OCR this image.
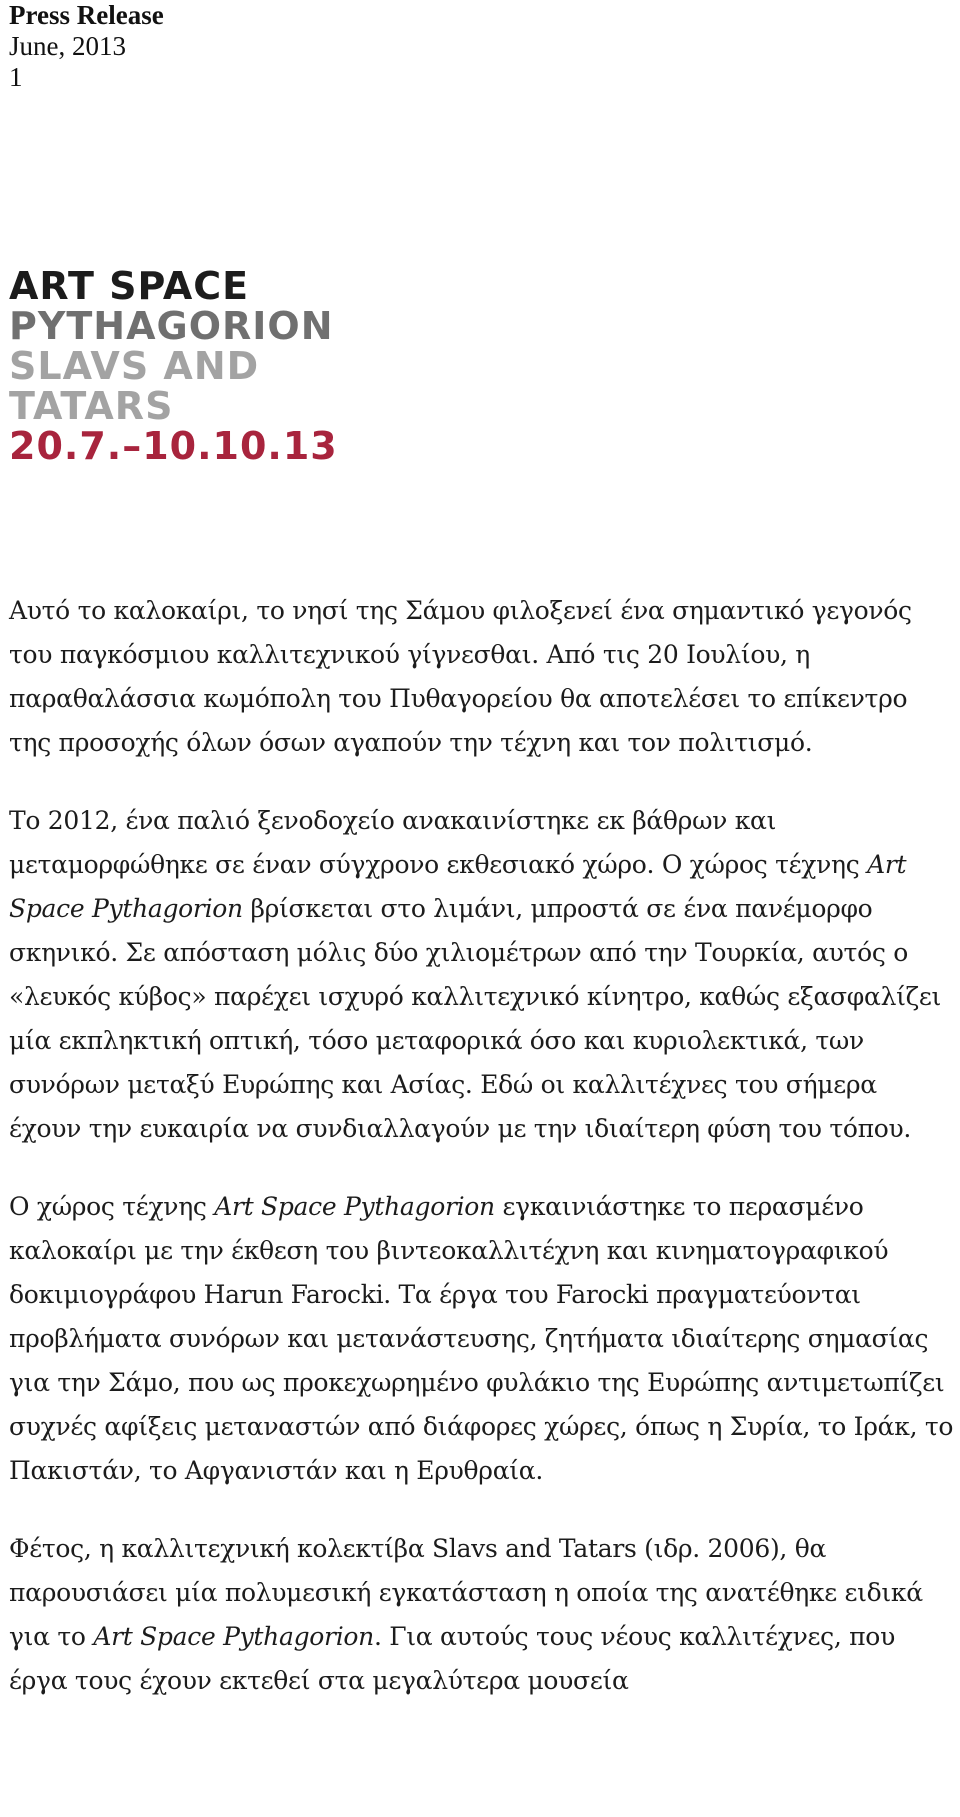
Press Release
June, 2013
1
ART SPACE
PYTHAGORION
SLAVS AND
TATARS
20.7.–10.10.13

Αυτό το καλοκαίρι, το νησί της Σάμου φιλοξενεί ένα σημαντικό γεγονός του παγκόσμιου καλλιτεχνικού γίγνεσθαι. Από τις 20 Ιουλίου, η παραθαλάσσια κωμόπολη του Πυθαγορείου θα αποτελέσει το επίκεντρο της προσοχής όλων όσων αγαπούν την τέχνη και τον πολιτισμό.

Το 2012, ένα παλιό ξενοδοχείο ανακαινίστηκε εκ βάθρων και μεταμορφώθηκε σε έναν σύγχρονο εκθεσιακό χώρο. Ο χώρος τέχνης Art Space Pythagorion βρίσκεται στο λιμάνι, μπροστά σε ένα πανέμορφο σκηνικό. Σε απόσταση μόλις δύο χιλιομέτρων από την Τουρκία, αυτός ο «λευκός κύβος» παρέχει ισχυρό καλλιτεχνικό κίνητρο, καθώς εξασφαλίζει μία εκπληκτική οπτική, τόσο μεταφορικά όσο και κυριολεκτικά, των συνόρων μεταξύ Ευρώπης και Ασίας. Εδώ οι καλλιτέχνες του σήμερα έχουν την ευκαιρία να συνδιαλλαγούν με την ιδιαίτερη φύση του τόπου.

Ο χώρος τέχνης Art Space Pythagorion εγκαινιάστηκε το περασμένο καλοκαίρι με την έκθεση του βιντεοκαλλιτέχνη και κινηματογραφικού δοκιμιογράφου Harun Farocki. Τα έργα του Farocki πραγματεύονται προβλήματα συνόρων και μετανάστευσης, ζητήματα ιδιαίτερης σημασίας για την Σάμο, που ως προκεχωρημένο φυλάκιο της Ευρώπης αντιμετωπίζει συχνές αφίξεις μεταναστών από διάφορες χώρες, όπως η Συρία, το Ιράκ, το Πακιστάν, το Αφγανιστάν και η Ερυθραία.

Φέτος, η καλλιτεχνική κολεκτίβα Slavs and Tatars (ιδρ. 2006), θα παρουσιάσει μία πολυμεσική εγκατάσταση η οποία της ανατέθηκε ειδικά για το Art Space Pythagorion. Για αυτούς τους νέους καλλιτέχνες, που έργα τους έχουν εκτεθεί στα μεγαλύτερα μουσεία
